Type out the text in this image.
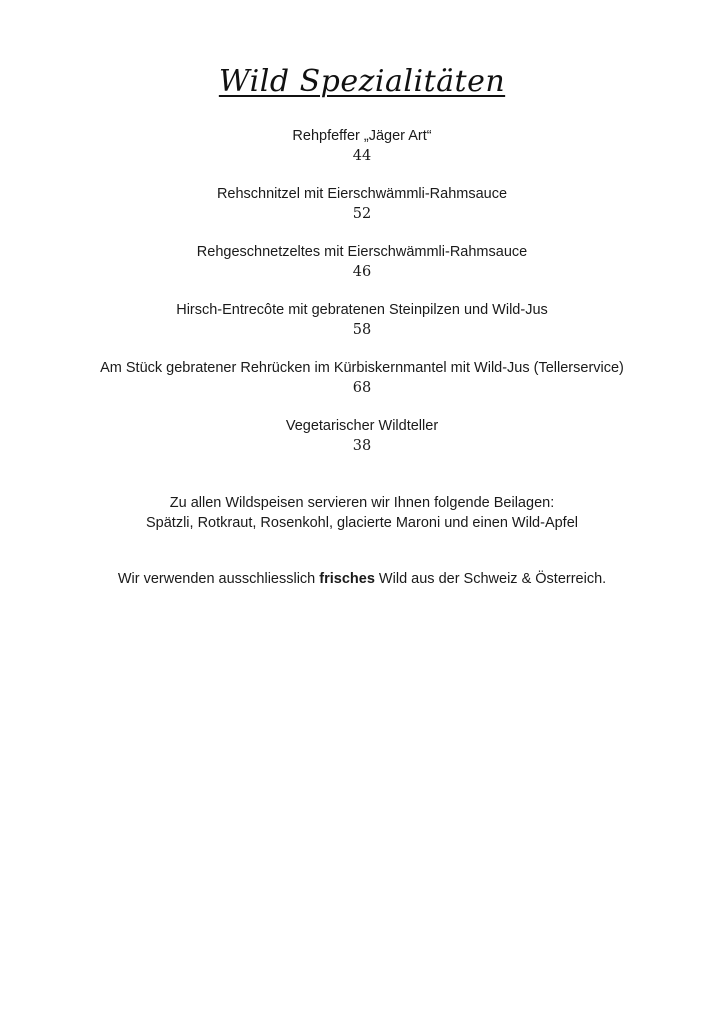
Wild Spezialitäten
Rehpfeffer „Jäger Art“
44
Rehschnitzel mit Eierschwämmli-Rahmsauce
52
Rehgeschnetzeltes mit Eierschwämmli-Rahmsauce
46
Hirsch-Entrecôte mit gebratenen Steinpilzen und Wild-Jus
58
Am Stück gebratener Rehrücken im Kürbiskernmantel mit Wild-Jus (Tellerservice)
68
Vegetarischer Wildteller
38
Zu allen Wildspeisen servieren wir Ihnen folgende Beilagen:
Spätzli, Rotkraut, Rosenkohl, glacierte Maroni und einen Wild-Apfel
Wir verwenden ausschliesslich frisches Wild aus der Schweiz & Österreich.
